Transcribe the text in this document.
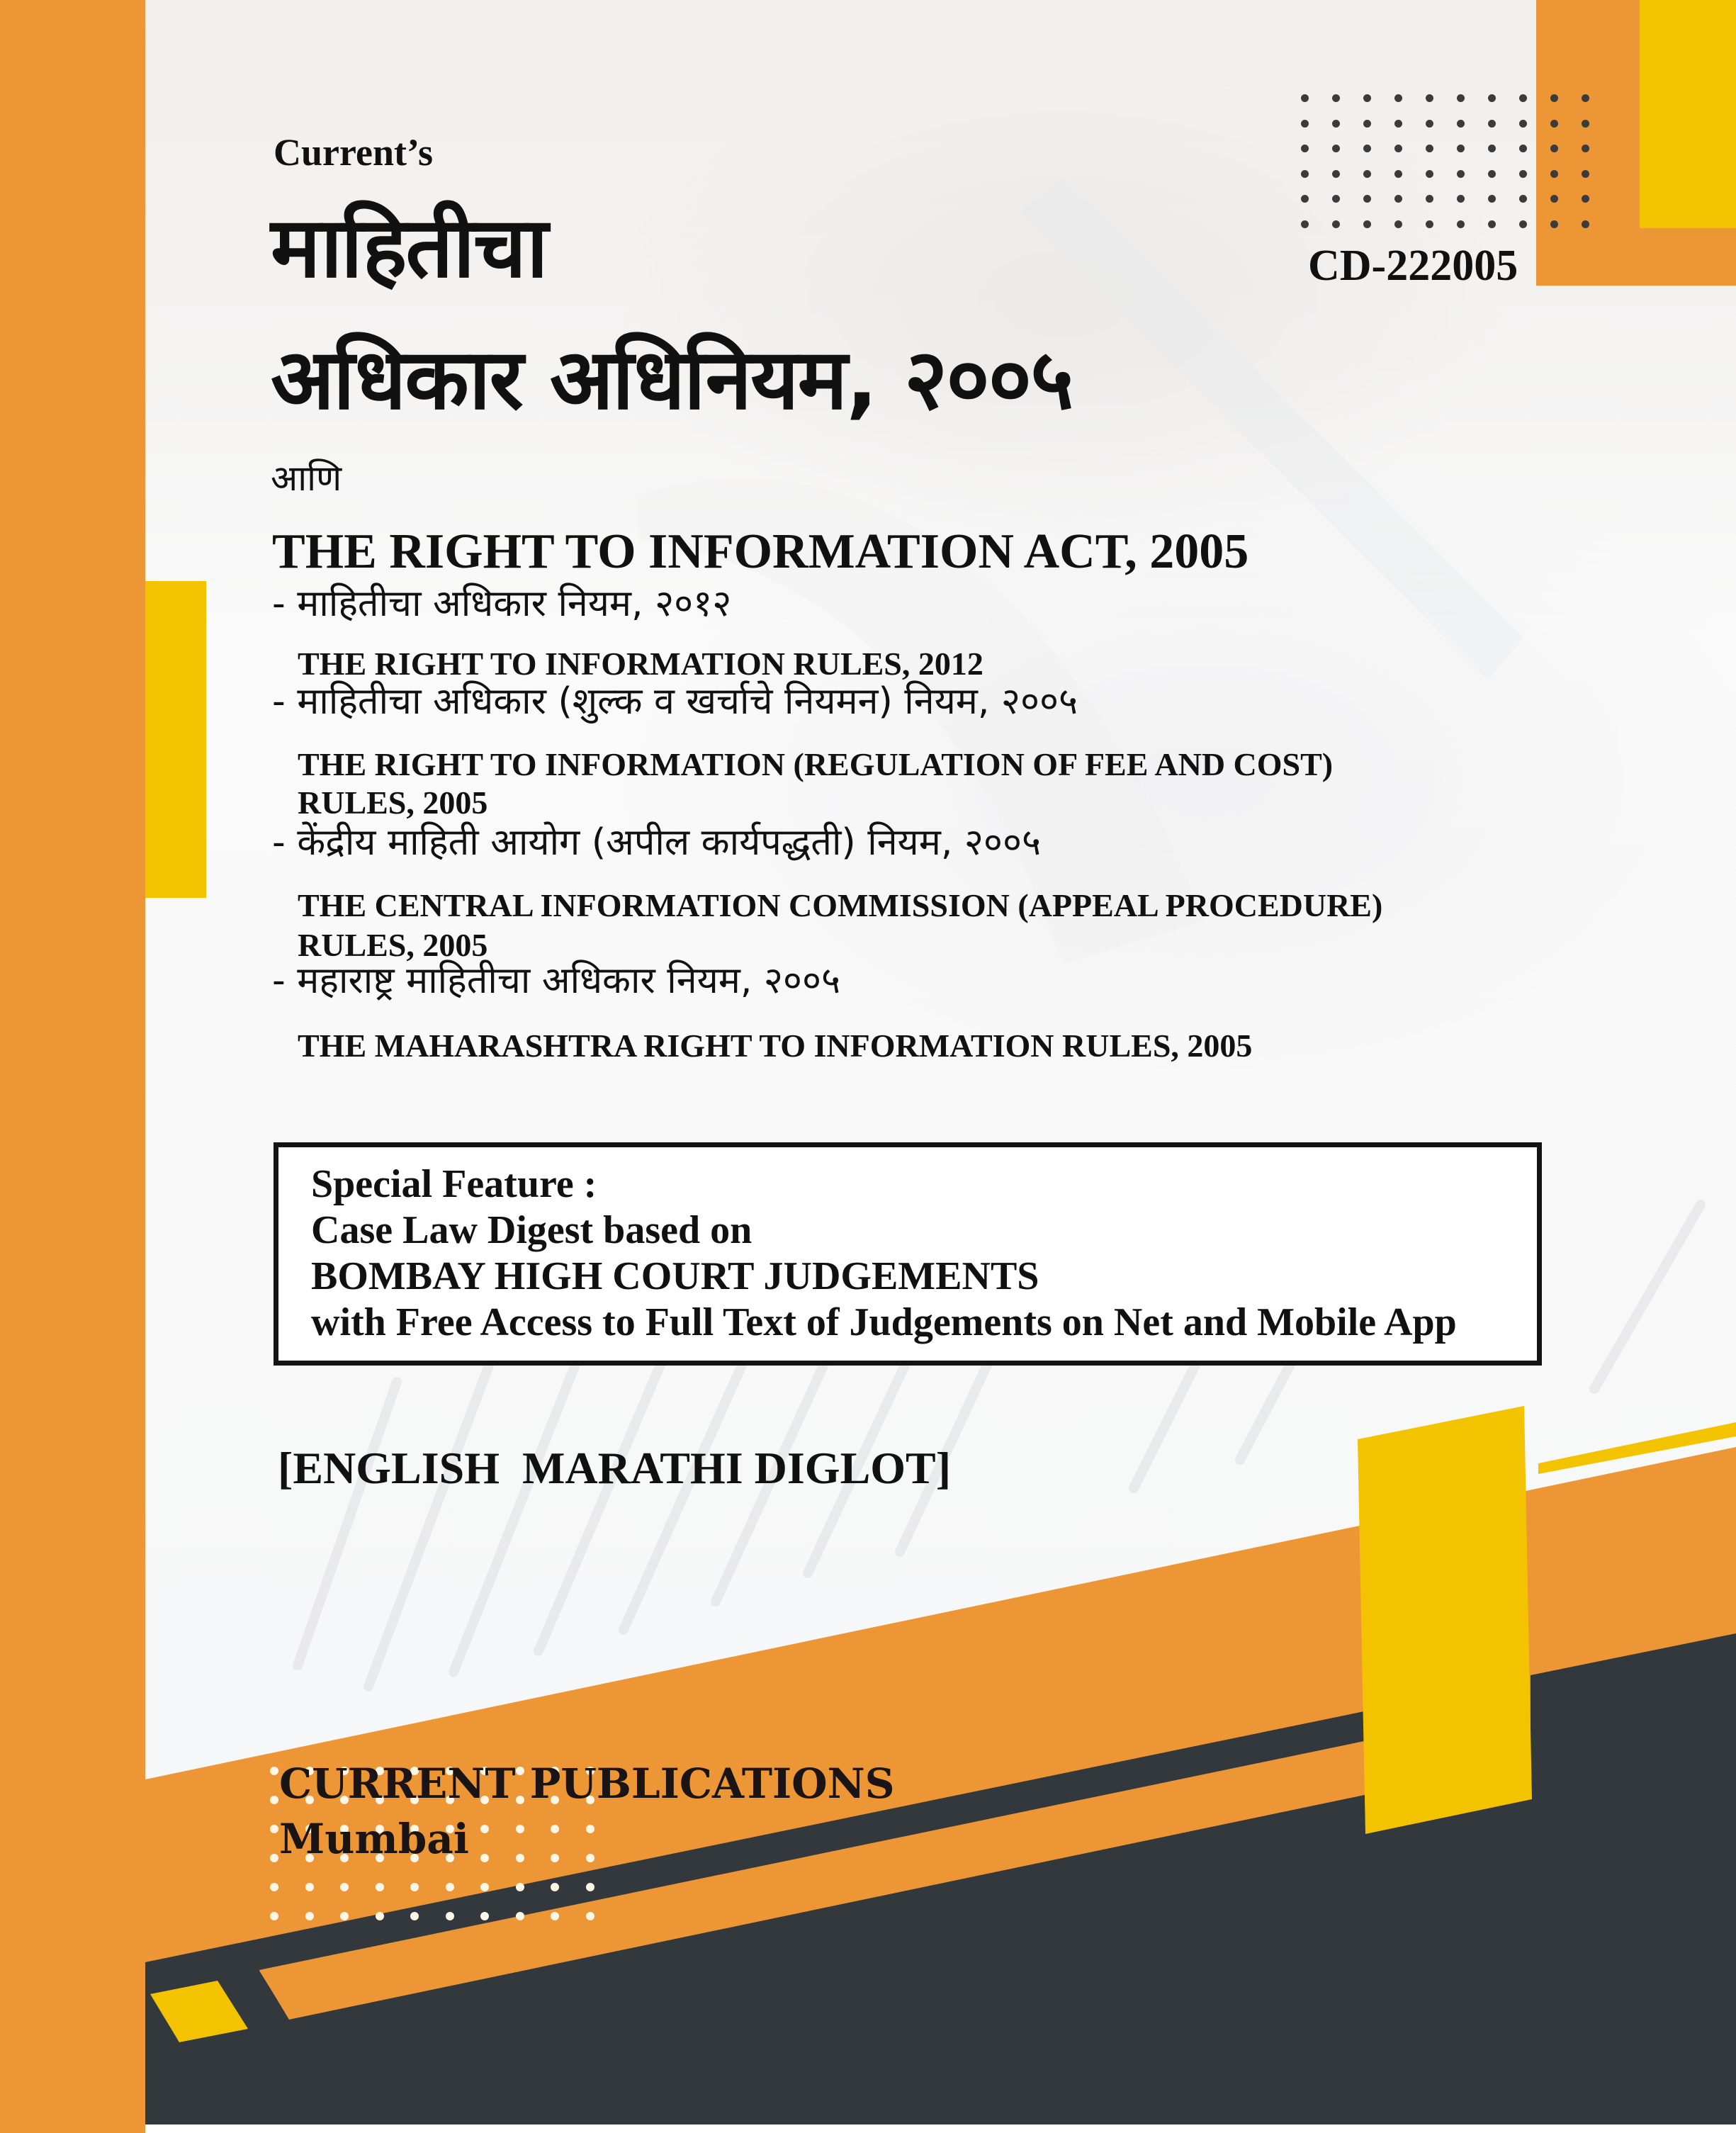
Current’s
माहितीचा
अधिकार अधिनियम, २००५
CD-222005
आणि
THE RIGHT TO INFORMATION ACT, 2005
- माहितीचा अधिकार नियम, २०१२
THE RIGHT TO INFORMATION RULES, 2012
- माहितीचा अधिकार (शुल्क व खर्चाचे नियमन) नियम, २००५
THE RIGHT TO INFORMATION (REGULATION OF FEE AND COST)
RULES, 2005
- केंद्रीय माहिती आयोग (अपील कार्यपद्धती) नियम, २००५
THE CENTRAL INFORMATION COMMISSION (APPEAL PROCEDURE)
RULES, 2005
- महाराष्ट्र माहितीचा अधिकार नियम, २००५
THE MAHARASHTRA RIGHT TO INFORMATION RULES, 2005
Special Feature :
Case Law Digest based on
BOMBAY HIGH COURT JUDGEMENTS
with Free Access to Full Text of Judgements on Net and Mobile App
[ENGLISH  MARATHI DIGLOT]
CURRENT PUBLICATIONS
Mumbai
